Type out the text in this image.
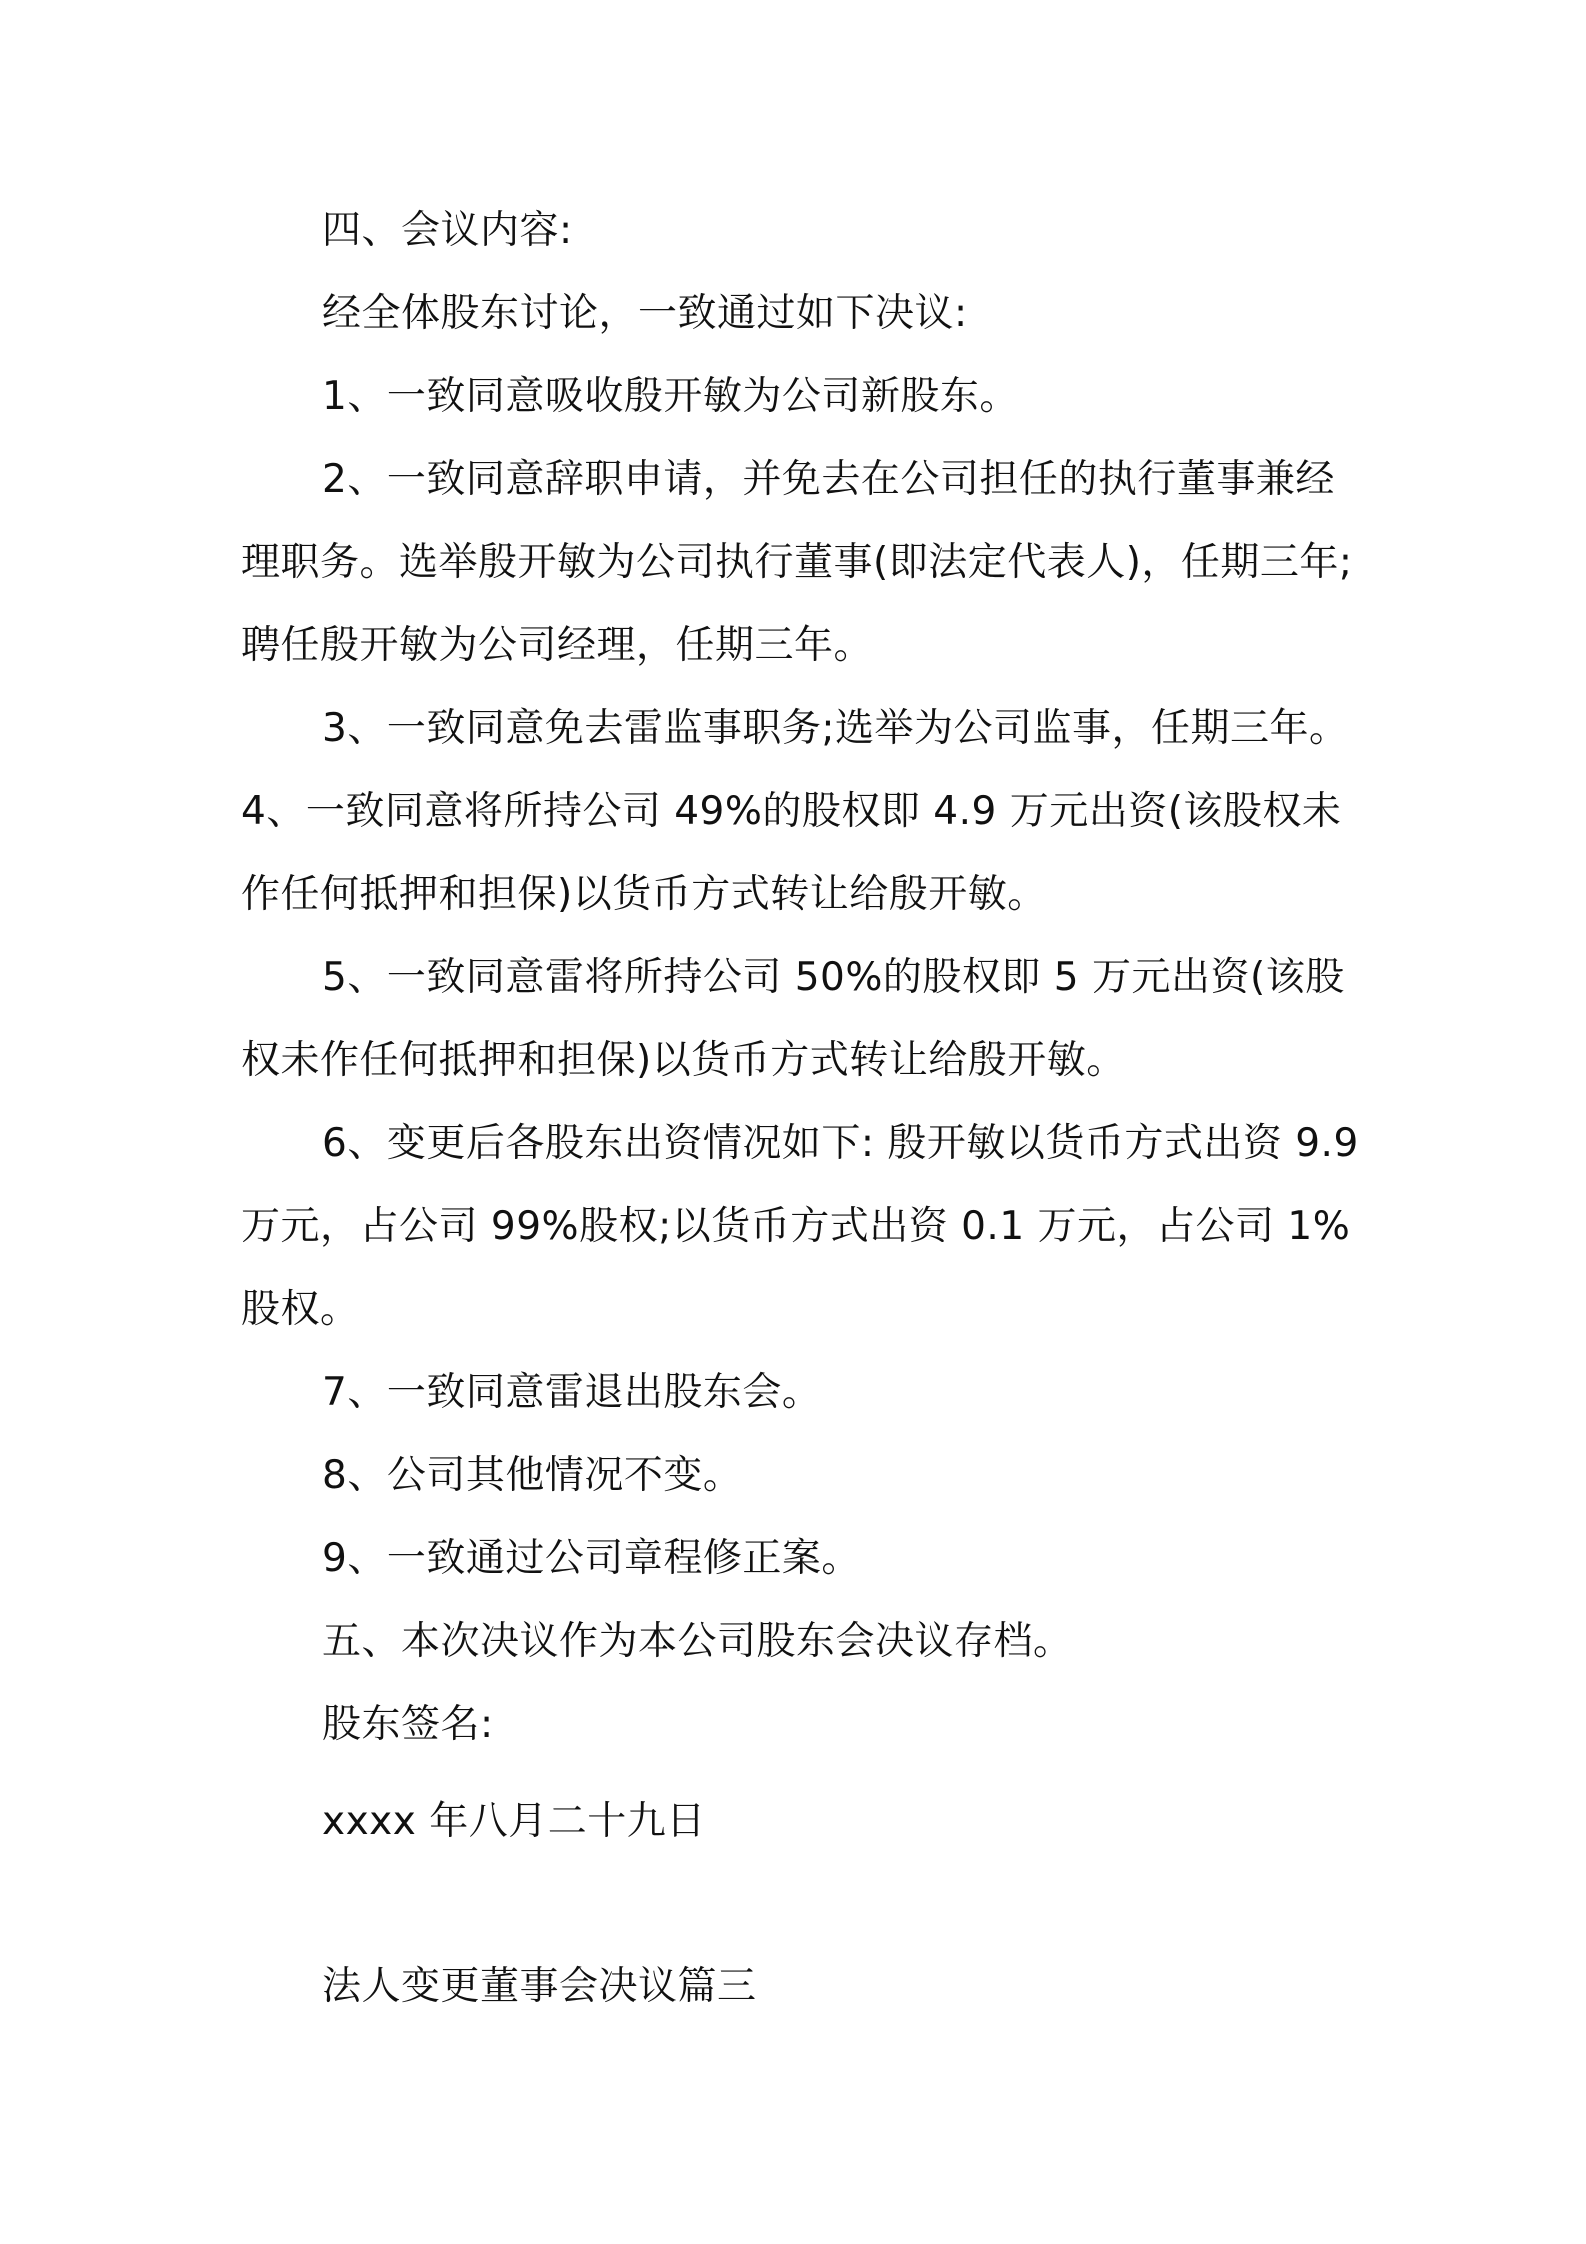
四、会议内容:
经全体股东讨论，一致通过如下决议:
1、一致同意吸收殷开敏为公司新股东。
2、一致同意辞职申请，并免去在公司担任的执行董事兼经
理职务。选举殷开敏为公司执行董事(即法定代表人)，任期三年;
聘任殷开敏为公司经理，任期三年。
3、一致同意免去雷监事职务;选举为公司监事，任期三年。
4、一致同意将所持公司 49%的股权即 4.9 万元出资(该股权未
作任何抵押和担保)以货币方式转让给殷开敏。
5、一致同意雷将所持公司 50%的股权即 5 万元出资(该股
权未作任何抵押和担保)以货币方式转让给殷开敏。
6、变更后各股东出资情况如下: 殷开敏以货币方式出资 9.9
万元，占公司 99%股权;以货币方式出资 0.1 万元，占公司 1%
股权。
7、一致同意雷退出股东会。
8、公司其他情况不变。
9、一致通过公司章程修正案。
五、本次决议作为本公司股东会决议存档。
股东签名:
xxxx 年八月二十九日
法人变更董事会决议篇三
